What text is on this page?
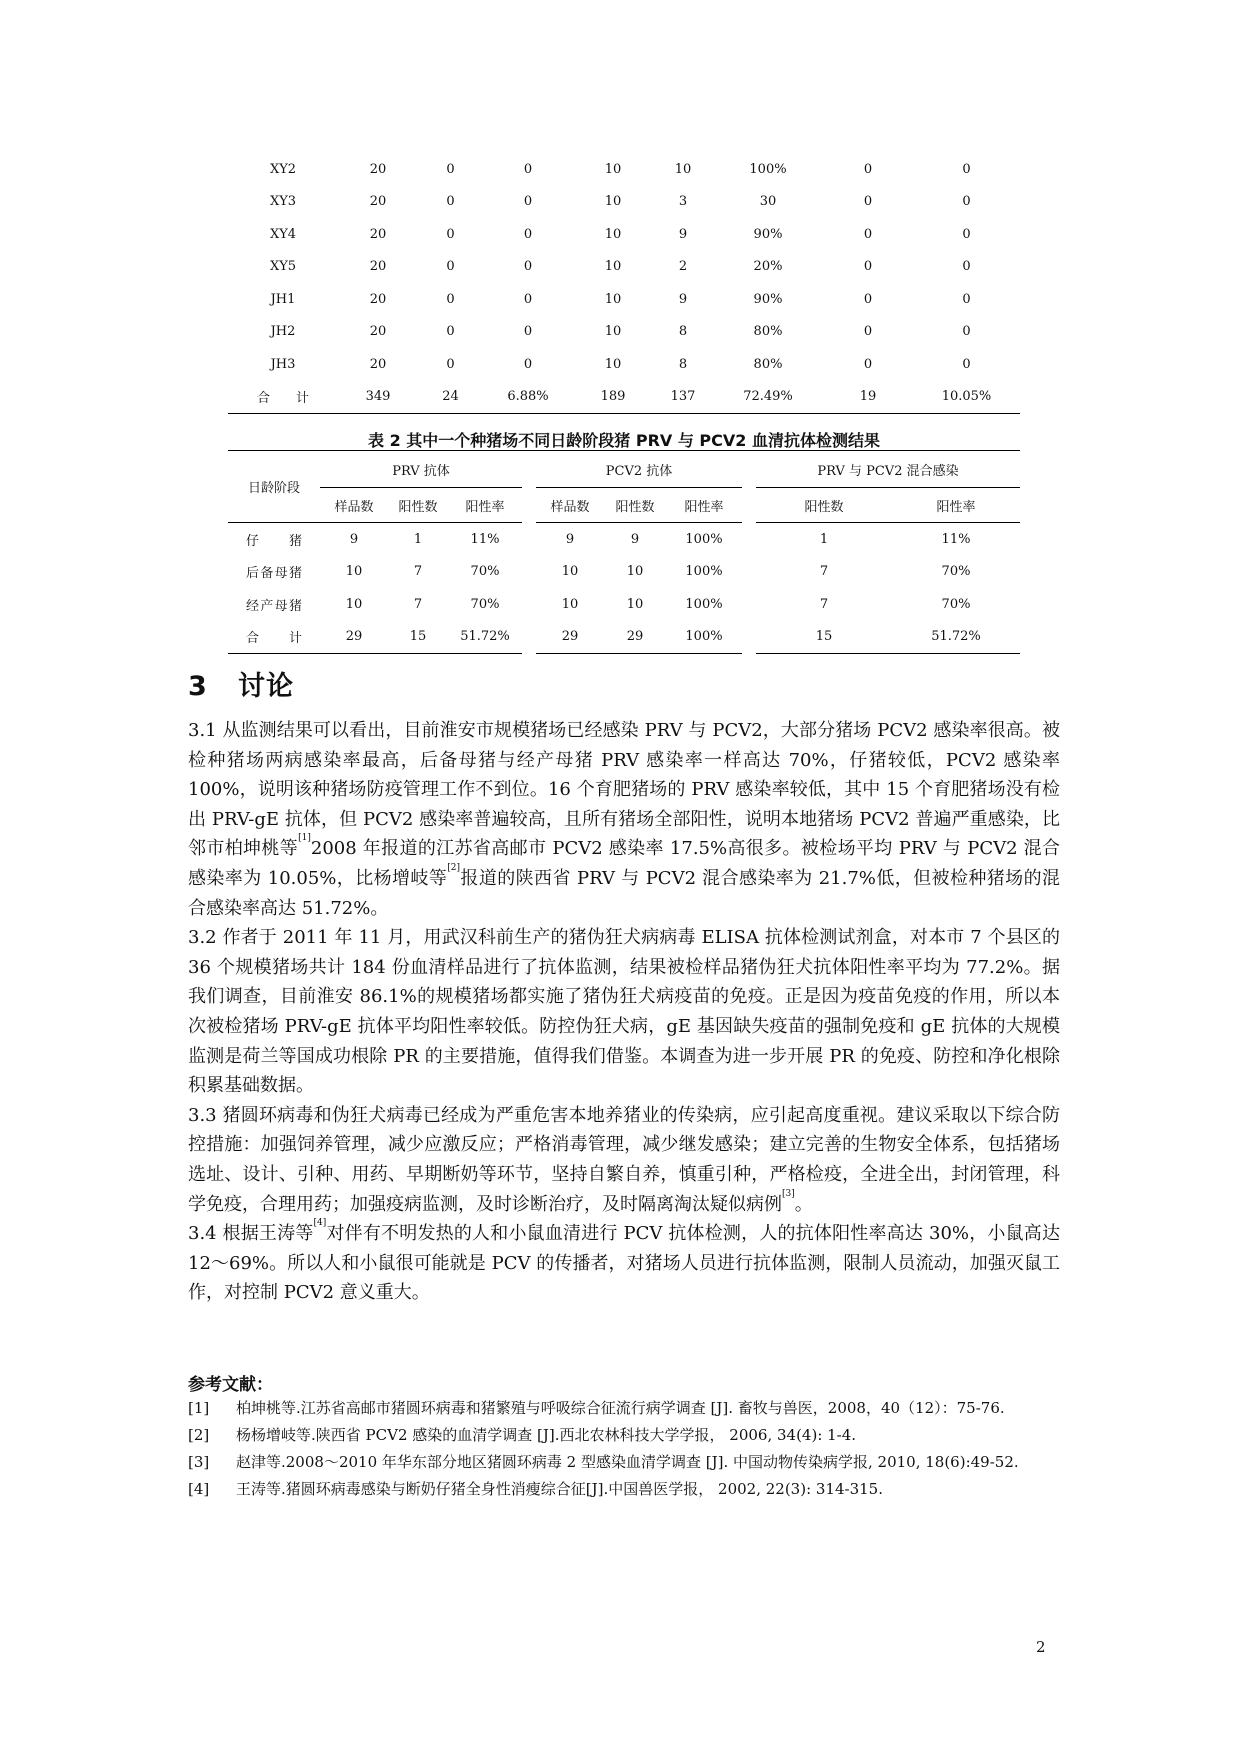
XY2	20	0	0	10	10	100%	0	0
XY3	20	0	0	10	3	30	0	0
XY4	20	0	0	10	9	90%	0	0
XY5	20	0	0	10	2	20%	0	0
JH1	20	0	0	10	9	90%	0	0
JH2	20	0	0	10	8	80%	0	0
JH3	20	0	0	10	8	80%	0	0
合　　计	349	24	6.88%	189	137	72.49%	19	10.05%
表 2 其中一个种猪场不同日龄阶段猪 PRV 与 PCV2 血清抗体检测结果
日龄阶段	PRV 抗体				PCV2 抗体				PRV 与 PCV2 混合感染	
	样品数	阳性数	阳性率		样品数	阳性数	阳性率		阳性数	阳性率
仔猪	9	1	11%		9	9	100%		1	11%
后备母猪	10	7	70%		10	10	100%		7	70%
经产母猪	10	7	70%		10	10	100%		7	70%
合计	29	15	51.72%		29	29	100%		15	51.72%
3 讨论

3.1 从监测结果可以看出，目前淮安市规模猪场已经感染 PRV 与 PCV2，大部分猪场 PCV2 感染率很高。被检种猪场两病感染率最高，后备母猪与经产母猪 PRV 感染率一样高达 70%，仔猪较低，PCV2 感染率 100%，说明该种猪场防疫管理工作不到位。16 个育肥猪场的 PRV 感染率较低，其中 15 个育肥猪场没有检出 PRV-gE 抗体，但 PCV2 感染率普遍较高，且所有猪场全部阳性，说明本地猪场 PCV2 普遍严重感染，比邻市柏坤桃等[1]2008 年报道的江苏省高邮市 PCV2 感染率 17.5%高很多。被检场平均 PRV 与 PCV2 混合感染率为 10.05%，比杨增岐等[2]报道的陕西省 PRV 与 PCV2 混合感染率为 21.7%低，但被检种猪场的混合感染率高达 51.72%。

3.2 作者于 2011 年 11 月，用武汉科前生产的猪伪狂犬病病毒 ELISA 抗体检测试剂盒，对本市 7 个县区的 36 个规模猪场共计 184 份血清样品进行了抗体监测，结果被检样品猪伪狂犬抗体阳性率平均为 77.2%。据我们调查，目前淮安 86.1%的规模猪场都实施了猪伪狂犬病疫苗的免疫。正是因为疫苗免疫的作用，所以本次被检猪场 PRV-gE 抗体平均阳性率较低。防控伪狂犬病，gE 基因缺失疫苗的强制免疫和 gE 抗体的大规模监测是荷兰等国成功根除 PR 的主要措施，值得我们借鉴。本调查为进一步开展 PR 的免疫、防控和净化根除积累基础数据。

3.3 猪圆环病毒和伪狂犬病毒已经成为严重危害本地养猪业的传染病，应引起高度重视。建议采取以下综合防控措施：加强饲养管理，减少应激反应；严格消毒管理，减少继发感染；建立完善的生物安全体系，包括猪场选址、设计、引种、用药、早期断奶等环节，坚持自繁自养，慎重引种，严格检疫，全进全出，封闭管理，科学免疫，合理用药；加强疫病监测，及时诊断治疗，及时隔离淘汰疑似病例[3]。

3.4 根据王涛等[4]对伴有不明发热的人和小鼠血清进行 PCV 抗体检测，人的抗体阳性率高达 30%，小鼠高达 12～69%。所以人和小鼠很可能就是 PCV 的传播者，对猪场人员进行抗体监测，限制人员流动，加强灭鼠工作，对控制 PCV2 意义重大。

参考文献：
[1]	柏坤桃等.江苏省高邮市猪圆环病毒和猪繁殖与呼吸综合征流行病学调查 [J]. 畜牧与兽医，2008，40（12）：75-76.
[2]	杨杨增岐等.陕西省 PCV2 感染的血清学调查 [J].西北农林科技大学学报， 2006, 34(4): 1-4.
[3]	赵津等.2008～2010 年华东部分地区猪圆环病毒 2 型感染血清学调查 [J]. 中国动物传染病学报, 2010, 18(6):49-52.
[4]	王涛等.猪圆环病毒感染与断奶仔猪全身性消瘦综合征[J].中国兽医学报， 2002, 22(3): 314-315.
2
